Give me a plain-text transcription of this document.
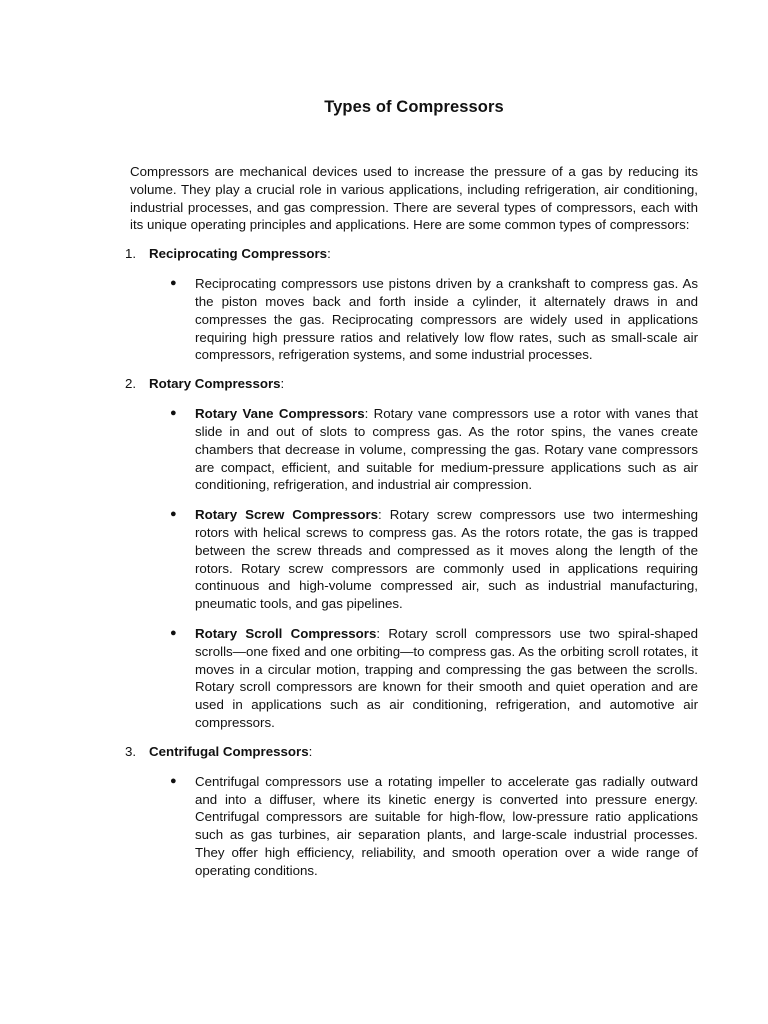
Types of Compressors

Compressors are mechanical devices used to increase the pressure of a gas by reducing its volume. They play a crucial role in various applications, including refrigeration, air conditioning, industrial processes, and gas compression. There are several types of compressors, each with its unique operating principles and applications. Here are some common types of compressors:

1. Reciprocating Compressors:
● Reciprocating compressors use pistons driven by a crankshaft to compress gas. As the piston moves back and forth inside a cylinder, it alternately draws in and compresses the gas. Reciprocating compressors are widely used in applications requiring high pressure ratios and relatively low flow rates, such as small-scale air compressors, refrigeration systems, and some industrial processes.
2. Rotary Compressors:
● Rotary Vane Compressors: Rotary vane compressors use a rotor with vanes that slide in and out of slots to compress gas. As the rotor spins, the vanes create chambers that decrease in volume, compressing the gas. Rotary vane compressors are compact, efficient, and suitable for medium-pressure applications such as air conditioning, refrigeration, and industrial air compression.
● Rotary Screw Compressors: Rotary screw compressors use two intermeshing rotors with helical screws to compress gas. As the rotors rotate, the gas is trapped between the screw threads and compressed as it moves along the length of the rotors. Rotary screw compressors are commonly used in applications requiring continuous and high-volume compressed air, such as industrial manufacturing, pneumatic tools, and gas pipelines.
● Rotary Scroll Compressors: Rotary scroll compressors use two spiral-shaped scrolls—one fixed and one orbiting—to compress gas. As the orbiting scroll rotates, it moves in a circular motion, trapping and compressing the gas between the scrolls. Rotary scroll compressors are known for their smooth and quiet operation and are used in applications such as air conditioning, refrigeration, and automotive air compressors.
3. Centrifugal Compressors:
● Centrifugal compressors use a rotating impeller to accelerate gas radially outward and into a diffuser, where its kinetic energy is converted into pressure energy. Centrifugal compressors are suitable for high-flow, low-pressure ratio applications such as gas turbines, air separation plants, and large-scale industrial processes. They offer high efficiency, reliability, and smooth operation over a wide range of operating conditions.
